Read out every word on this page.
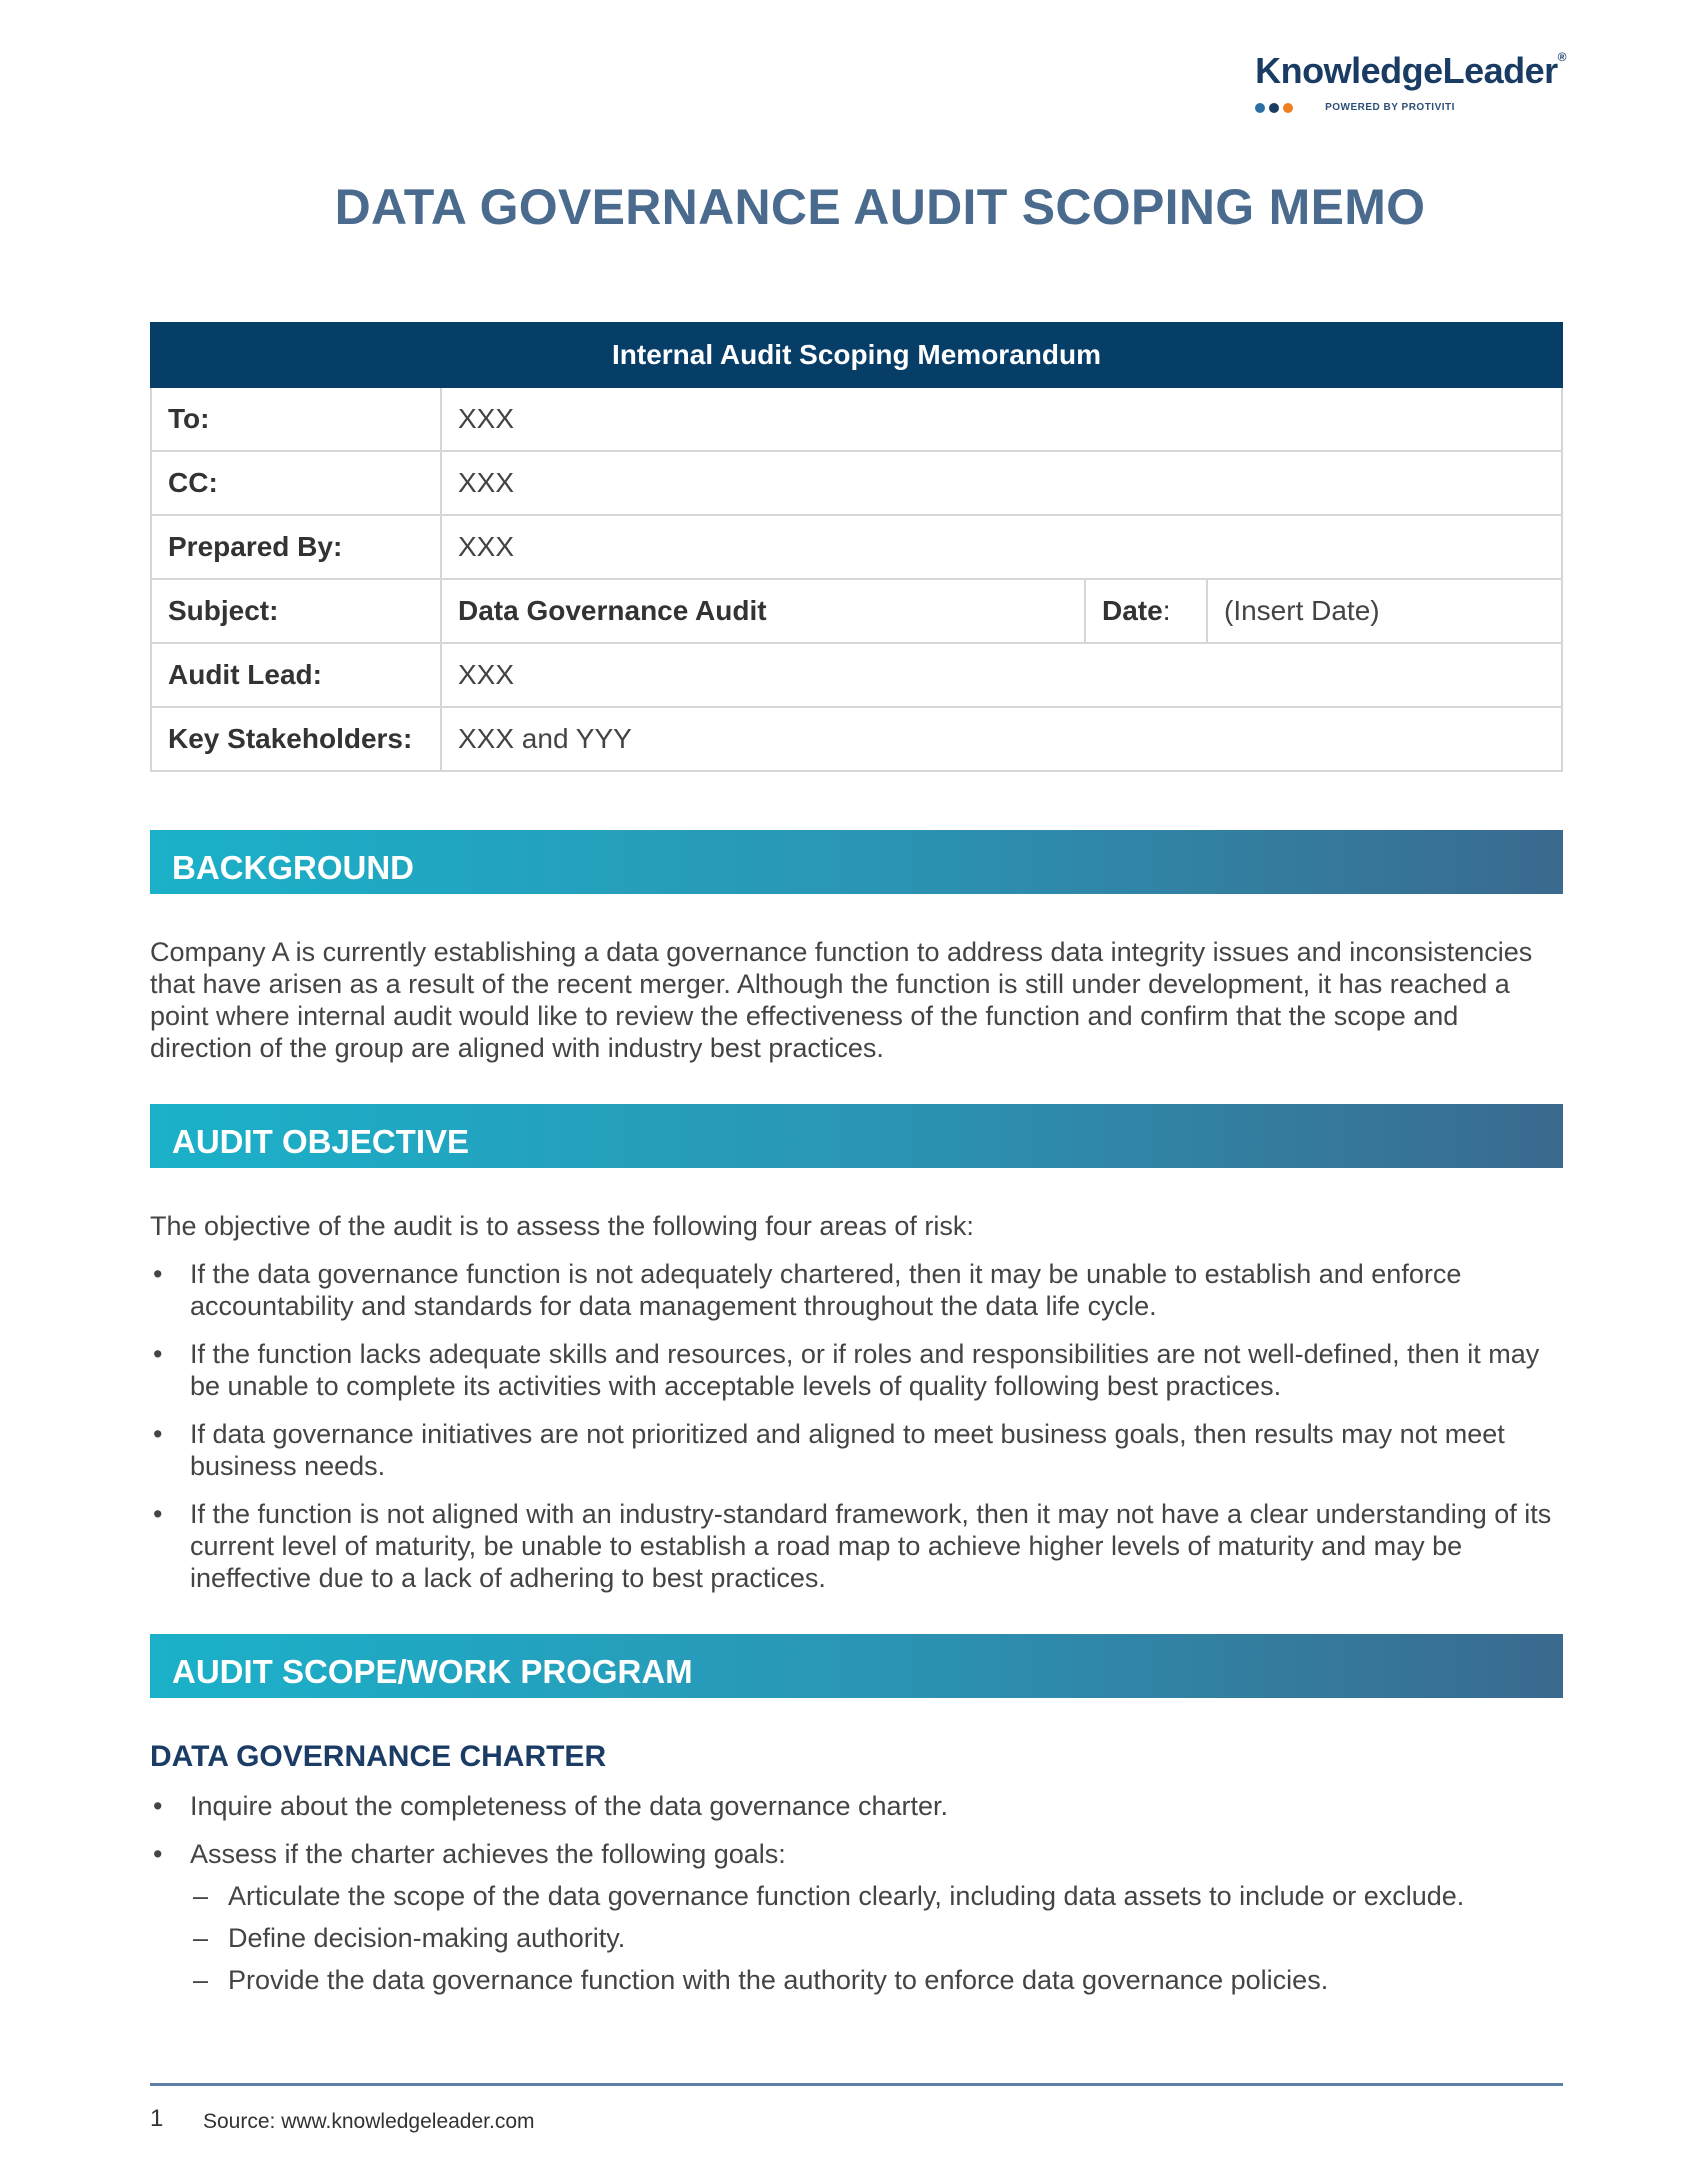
KnowledgeLeader®
POWERED BY PROTIVITI
DATA GOVERNANCE AUDIT SCOPING MEMO
Internal Audit Scoping Memorandum			
To:	XXX		
CC:	XXX		
Prepared By:	XXX		
Subject:	Data Governance Audit	Date:	(Insert Date)
Audit Lead:	XXX		
Key Stakeholders:	XXX and YYY		
BACKGROUND
Company A is currently establishing a data governance function to address data integrity issues and inconsistencies that have arisen as a result of the recent merger. Although the function is still under development, it has reached a point where internal audit would like to review the effectiveness of the function and confirm that the scope and direction of the group are aligned with industry best practices.
AUDIT OBJECTIVE
The objective of the audit is to assess the following four areas of risk:
• If the data governance function is not adequately chartered, then it may be unable to establish and enforce accountability and standards for data management throughout the data life cycle.
• If the function lacks adequate skills and resources, or if roles and responsibilities are not well-defined, then it may be unable to complete its activities with acceptable levels of quality following best practices.
• If data governance initiatives are not prioritized and aligned to meet business goals, then results may not meet business needs.
• If the function is not aligned with an industry-standard framework, then it may not have a clear understanding of its current level of maturity, be unable to establish a road map to achieve higher levels of maturity and may be ineffective due to a lack of adhering to best practices.
AUDIT SCOPE/WORK PROGRAM
DATA GOVERNANCE CHARTER
• Inquire about the completeness of the data governance charter.
• Assess if the charter achieves the following goals:
– Articulate the scope of the data governance function clearly, including data assets to include or exclude.
– Define decision-making authority.
– Provide the data governance function with the authority to enforce data governance policies.
1 Source: www.knowledgeleader.com
